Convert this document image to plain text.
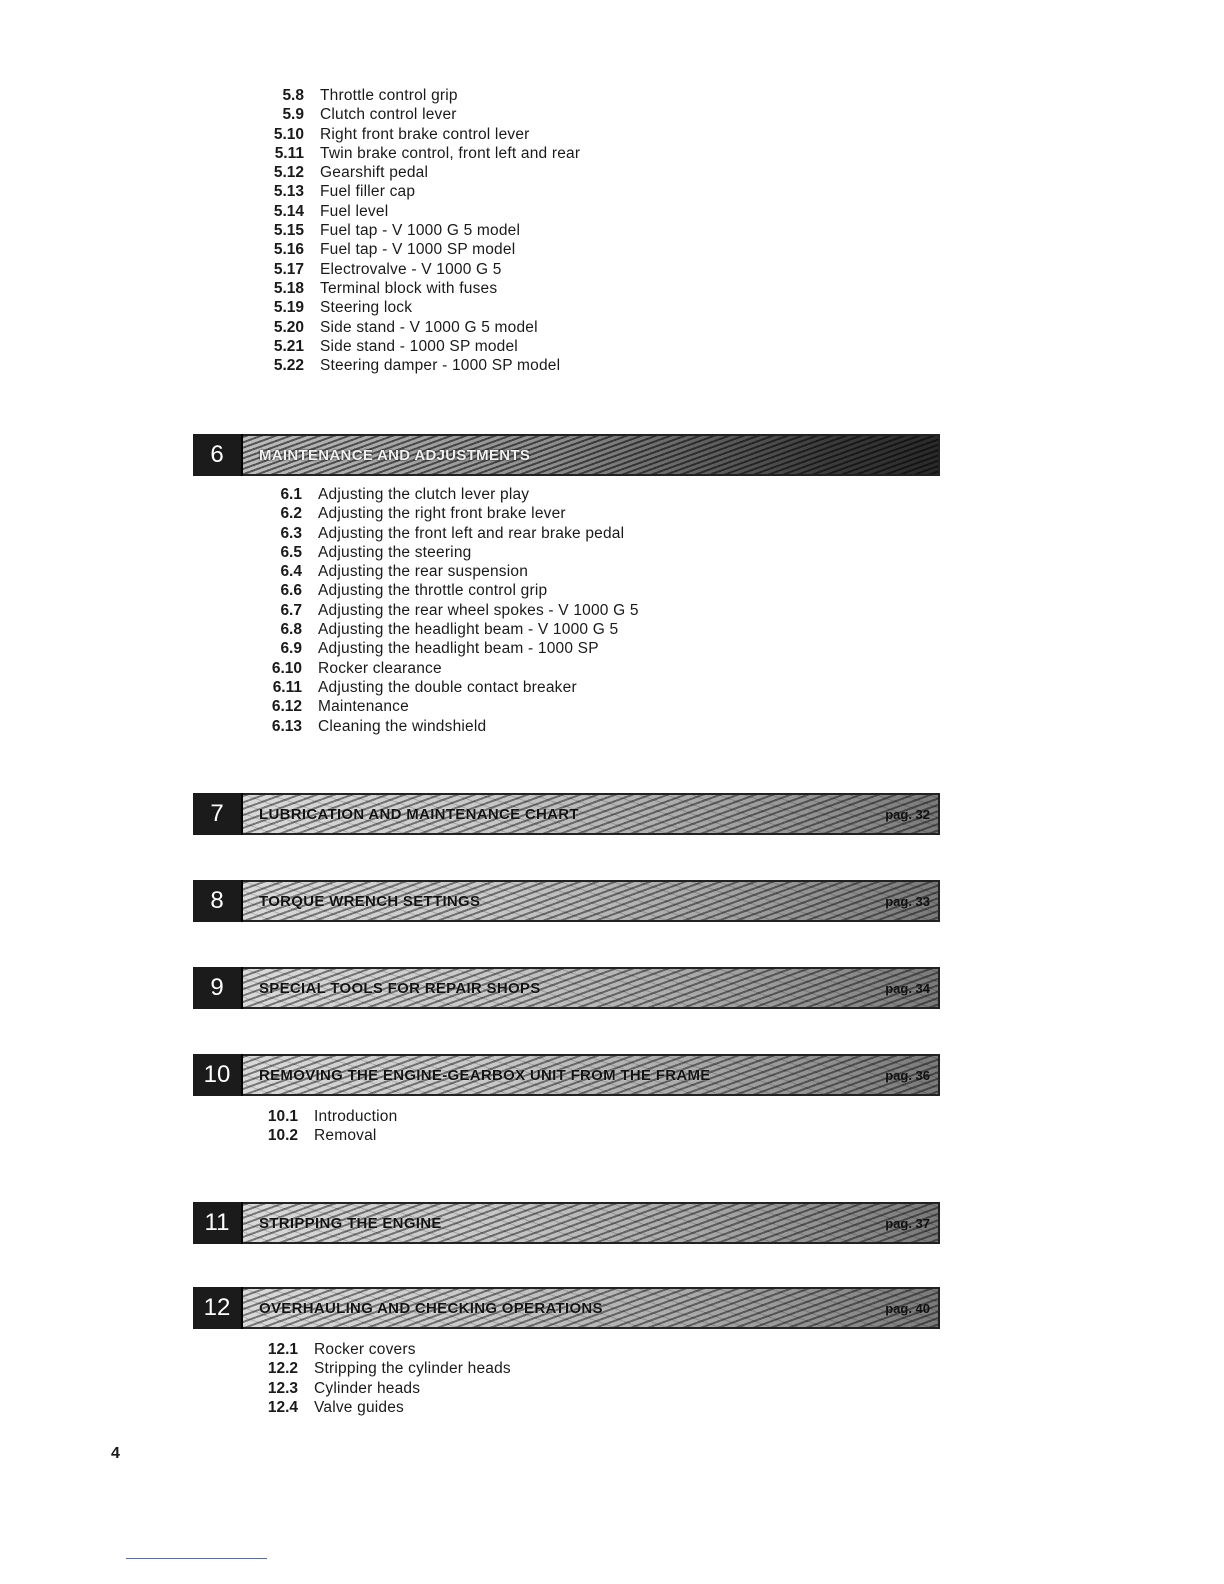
5.8	Throttle control grip
5.9	Clutch control lever
5.10	Right front brake control lever
5.11	Twin brake control, front left and rear
5.12	Gearshift pedal
5.13	Fuel filler cap
5.14	Fuel level
5.15	Fuel tap - V 1000 G 5 model
5.16	Fuel tap - V 1000 SP model
5.17	Electrovalve - V 1000 G 5
5.18	Terminal block with fuses
5.19	Steering lock
5.20	Side stand - V 1000 G 5 model
5.21	Side stand - 1000 SP model
5.22	Steering damper - 1000 SP model
6	MAINTENANCE AND ADJUSTMENTS
6.1	Adjusting the clutch lever play
6.2	Adjusting the right front brake lever
6.3	Adjusting the front left and rear brake pedal
6.5	Adjusting the steering
6.4	Adjusting the rear suspension
6.6	Adjusting the throttle control grip
6.7	Adjusting the rear wheel spokes - V 1000 G 5
6.8	Adjusting the headlight beam - V 1000 G 5
6.9	Adjusting the headlight beam - 1000 SP
6.10	Rocker clearance
6.11	Adjusting the double contact breaker
6.12	Maintenance
6.13	Cleaning the windshield
7	LUBRICATION AND MAINTENANCE CHART	pag. 32
8	TORQUE WRENCH SETTINGS	pag. 33
9	SPECIAL TOOLS FOR REPAIR SHOPS	pag. 34
10	REMOVING THE ENGINE-GEARBOX UNIT FROM THE FRAME	pag. 36
10.1	Introduction
10.2	Removal
11	STRIPPING THE ENGINE	pag. 37
12	OVERHAULING AND CHECKING OPERATIONS	pag. 40
12.1	Rocker covers
12.2	Stripping the cylinder heads
12.3	Cylinder heads
12.4	Valve guides
4
